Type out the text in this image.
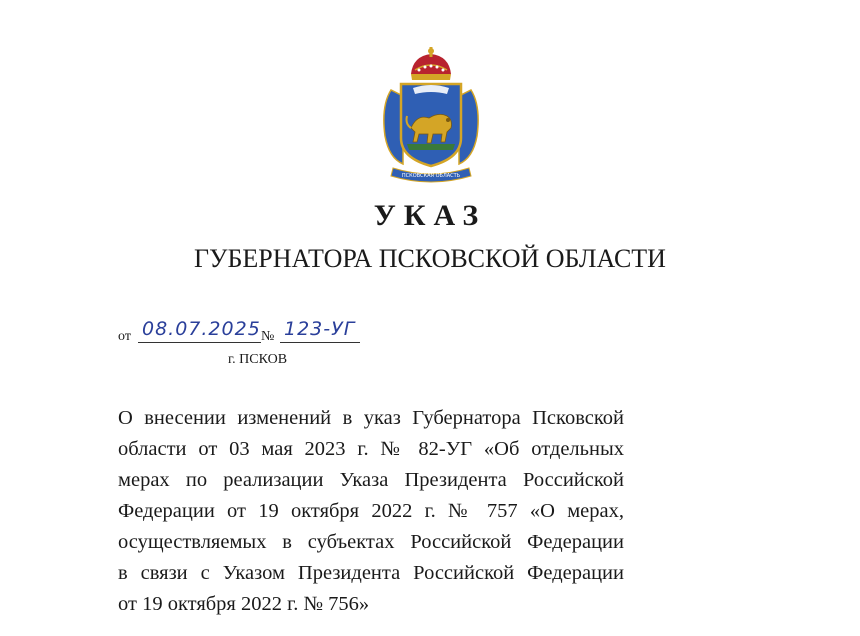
ПСКОВСКАЯ ОБЛАСТЬ
УКАЗ
ГУБЕРНАТОРА ПСКОВСКОЙ ОБЛАСТИ
от 08.07.2025 № 123-УГ
г. ПСКОВ
О внесении изменений в указ Губернатора Псковской
области от 03 мая 2023 г. № 82-УГ «Об отдельных
мерах по реализации Указа Президента Российской
Федерации от 19 октября 2022 г. № 757 «О мерах,
осуществляемых в субъектах Российской Федерации
в связи с Указом Президента Российской Федерации
от 19 октября 2022 г. № 756»
